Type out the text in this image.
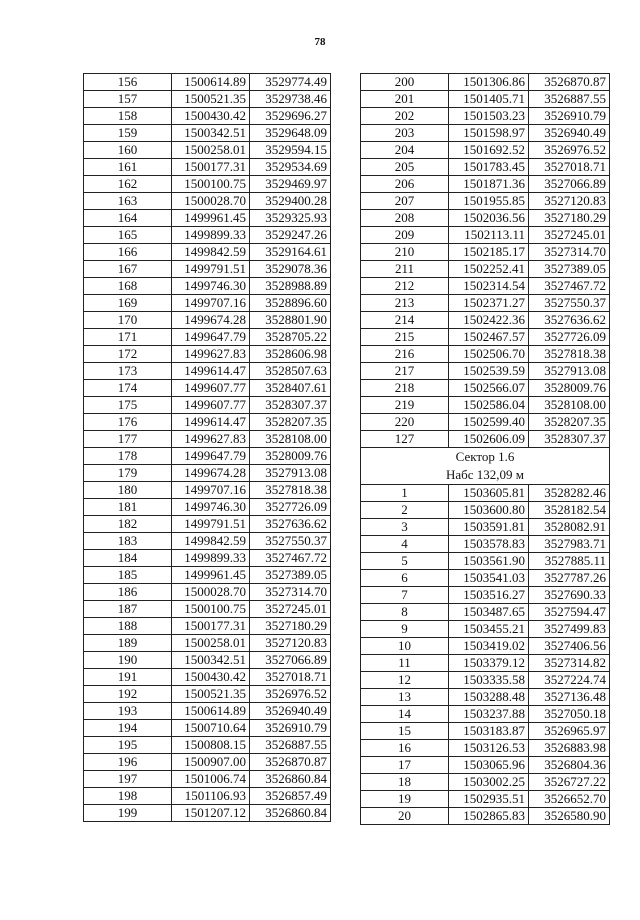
78
156	1500614.89	3529774.49
157	1500521.35	3529738.46
158	1500430.42	3529696.27
159	1500342.51	3529648.09
160	1500258.01	3529594.15
161	1500177.31	3529534.69
162	1500100.75	3529469.97
163	1500028.70	3529400.28
164	1499961.45	3529325.93
165	1499899.33	3529247.26
166	1499842.59	3529164.61
167	1499791.51	3529078.36
168	1499746.30	3528988.89
169	1499707.16	3528896.60
170	1499674.28	3528801.90
171	1499647.79	3528705.22
172	1499627.83	3528606.98
173	1499614.47	3528507.63
174	1499607.77	3528407.61
175	1499607.77	3528307.37
176	1499614.47	3528207.35
177	1499627.83	3528108.00
178	1499647.79	3528009.76
179	1499674.28	3527913.08
180	1499707.16	3527818.38
181	1499746.30	3527726.09
182	1499791.51	3527636.62
183	1499842.59	3527550.37
184	1499899.33	3527467.72
185	1499961.45	3527389.05
186	1500028.70	3527314.70
187	1500100.75	3527245.01
188	1500177.31	3527180.29
189	1500258.01	3527120.83
190	1500342.51	3527066.89
191	1500430.42	3527018.71
192	1500521.35	3526976.52
193	1500614.89	3526940.49
194	1500710.64	3526910.79
195	1500808.15	3526887.55
196	1500907.00	3526870.87
197	1501006.74	3526860.84
198	1501106.93	3526857.49
199	1501207.12	3526860.84
200	1501306.86	3526870.87
201	1501405.71	3526887.55
202	1501503.23	3526910.79
203	1501598.97	3526940.49
204	1501692.52	3526976.52
205	1501783.45	3527018.71
206	1501871.36	3527066.89
207	1501955.85	3527120.83
208	1502036.56	3527180.29
209	1502113.11	3527245.01
210	1502185.17	3527314.70
211	1502252.41	3527389.05
212	1502314.54	3527467.72
213	1502371.27	3527550.37
214	1502422.36	3527636.62
215	1502467.57	3527726.09
216	1502506.70	3527818.38
217	1502539.59	3527913.08
218	1502566.07	3528009.76
219	1502586.04	3528108.00
220	1502599.40	3528207.35
127	1502606.09	3528307.37

Сектор 1.6
Набс 132,09 м		

1	1503605.81	3528282.46
2	1503600.80	3528182.54
3	1503591.81	3528082.91
4	1503578.83	3527983.71
5	1503561.90	3527885.11
6	1503541.03	3527787.26
7	1503516.27	3527690.33
8	1503487.65	3527594.47
9	1503455.21	3527499.83
10	1503419.02	3527406.56
11	1503379.12	3527314.82
12	1503335.58	3527224.74
13	1503288.48	3527136.48
14	1503237.88	3527050.18
15	1503183.87	3526965.97
16	1503126.53	3526883.98
17	1503065.96	3526804.36
18	1503002.25	3526727.22
19	1502935.51	3526652.70
20	1502865.83	3526580.90
